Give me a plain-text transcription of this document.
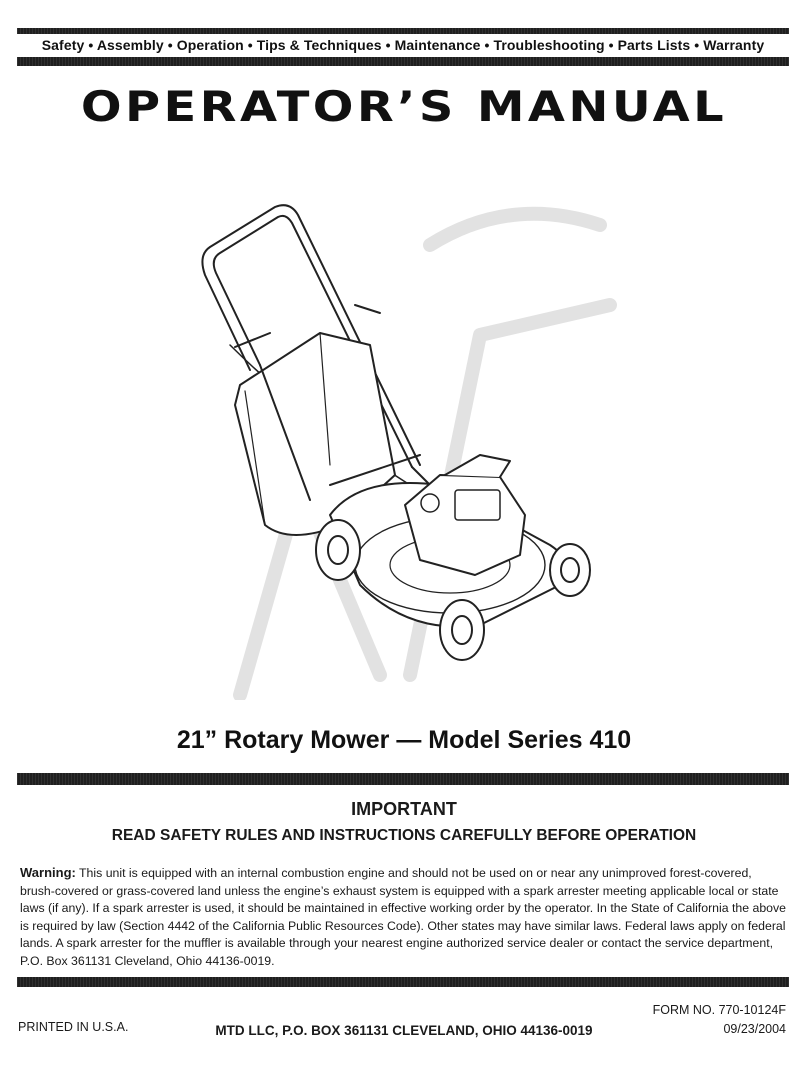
Safety • Assembly • Operation • Tips & Techniques • Maintenance • Troubleshooting • Parts Lists • Warranty
OPERATOR’S MANUAL
21” Rotary Mower — Model Series 410
IMPORTANT
READ SAFETY RULES AND INSTRUCTIONS CAREFULLY BEFORE OPERATION
Warning: This unit is equipped with an internal combustion engine and should not be used on or near any unimproved forest-covered, brush-covered or grass-covered land unless the engine’s exhaust system is equipped with a spark arrester meeting applicable local or state laws (if any). If a spark arrester is used, it should be maintained in effective working order by the operator. In the State of California the above is required by law (Section 4442 of the California Public Resources Code). Other states may have similar laws. Federal laws apply on federal lands. A spark arrester for the muffler is available through your nearest engine authorized service dealer or contact the service department, P.O. Box 361131 Cleveland, Ohio 44136-0019.
PRINTED IN U.S.A.	MTD LLC, P.O. BOX 361131 CLEVELAND, OHIO 44136-0019
FORM NO. 770-10124F
09/23/2004
